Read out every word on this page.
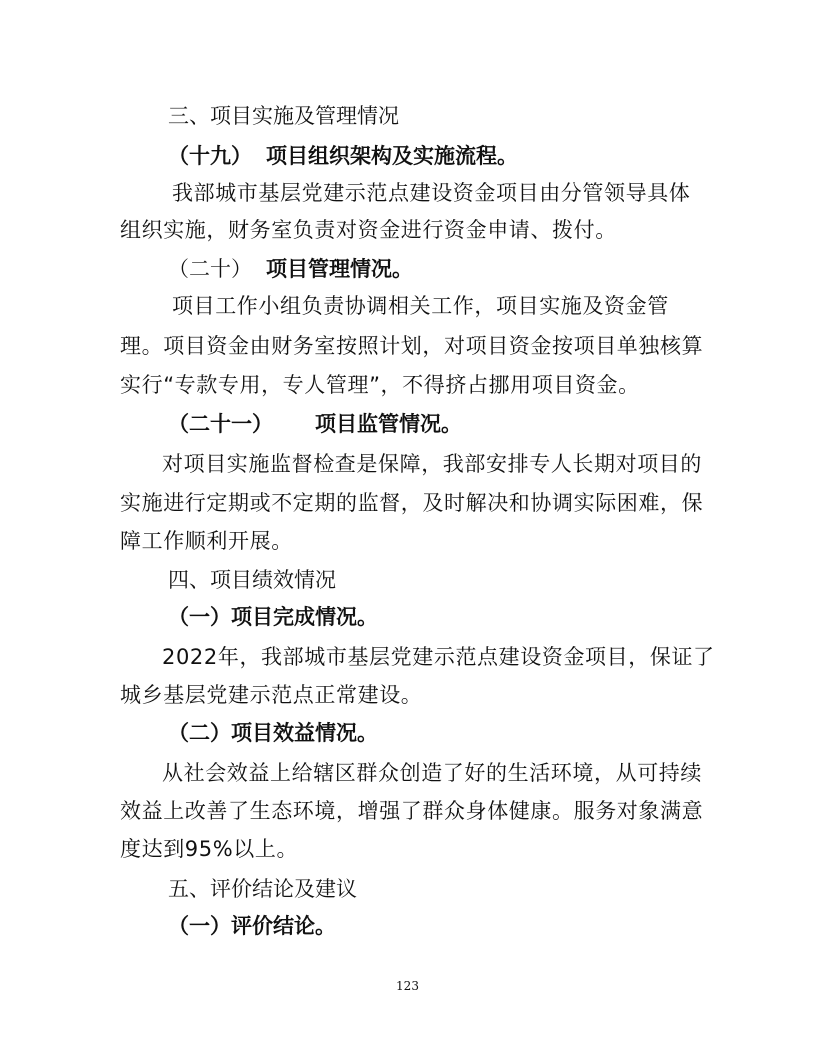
三、项目实施及管理情况
（十九） 项目组织架构及实施流程。
我部城市基层党建示范点建设资金项目由分管领导具体
组织实施，财务室负责对资金进行资金申请、拨付。
（二十） 项目管理情况。
项目工作小组负责协调相关工作，项目实施及资金管
理。项目资金由财务室按照计划，对项目资金按项目单独核算
实行“专款专用，专人管理”，不得挤占挪用项目资金。
（二十一） 项目监管情况。
对项目实施监督检查是保障，我部安排专人长期对项目的
实施进行定期或不定期的监督，及时解决和协调实际困难，保
障工作顺利开展。
四、项目绩效情况
（一）项目完成情况。
2022年，我部城市基层党建示范点建设资金项目，保证了
城乡基层党建示范点正常建设。
（二）项目效益情况。
从社会效益上给辖区群众创造了好的生活环境，从可持续
效益上改善了生态环境，增强了群众身体健康。服务对象满意
度达到95%以上。
五、评价结论及建议
（一）评价结论。
123
